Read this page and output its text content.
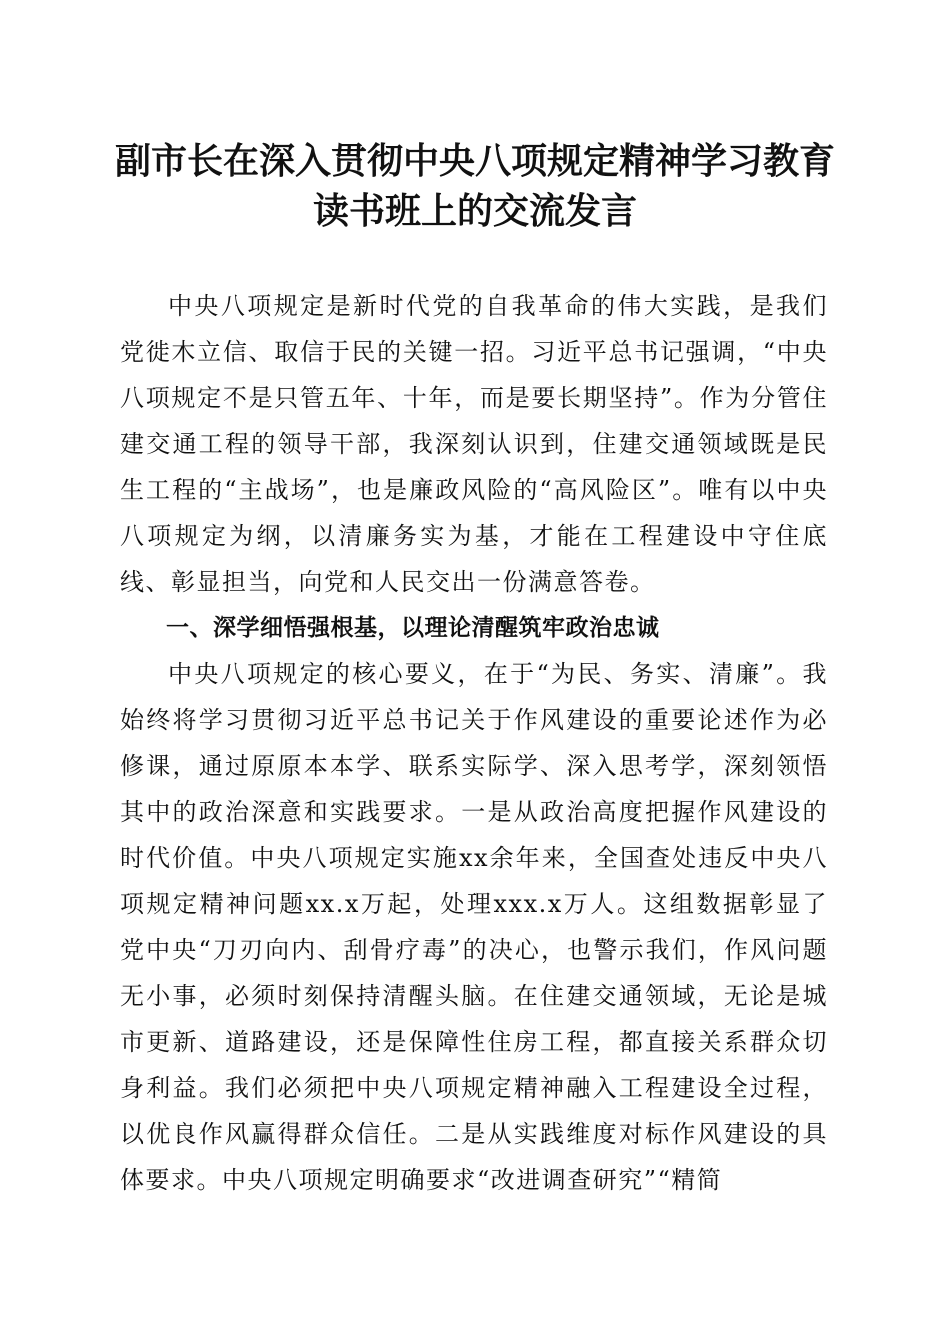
副市长在深入贯彻中央八项规定精神学习教育
读书班上的交流发言

中央八项规定是新时代党的自我革命的伟大实践，是我们党徙木立信、取信于民的关键一招。习近平总书记强调，“中央八项规定不是只管五年、十年，而是要长期坚持”。作为分管住建交通工程的领导干部，我深刻认识到，住建交通领域既是民生工程的“主战场”，也是廉政风险的“高风险区”。唯有以中央八项规定为纲，以清廉务实为基，才能在工程建设中守住底线、彰显担当，向党和人民交出一份满意答卷。

一、深学细悟强根基，以理论清醒筑牢政治忠诚

中央八项规定的核心要义，在于“为民、务实、清廉”。我始终将学习贯彻习近平总书记关于作风建设的重要论述作为必修课，通过原原本本学、联系实际学、深入思考学，深刻领悟其中的政治深意和实践要求。一是从政治高度把握作风建设的时代价值。中央八项规定实施xx余年来，全国查处违反中央八项规定精神问题xx.x万起，处理xxx.x万人。这组数据彰显了党中央“刀刃向内、刮骨疗毒”的决心，也警示我们，作风问题无小事，必须时刻保持清醒头脑。在住建交通领域，无论是城市更新、道路建设，还是保障性住房工程，都直接关系群众切身利益。我们必须把中央八项规定精神融入工程建设全过程，以优良作风赢得群众信任。二是从实践维度对标作风建设的具体要求。中央八项规定明确要求“改进调查研究”“精简
